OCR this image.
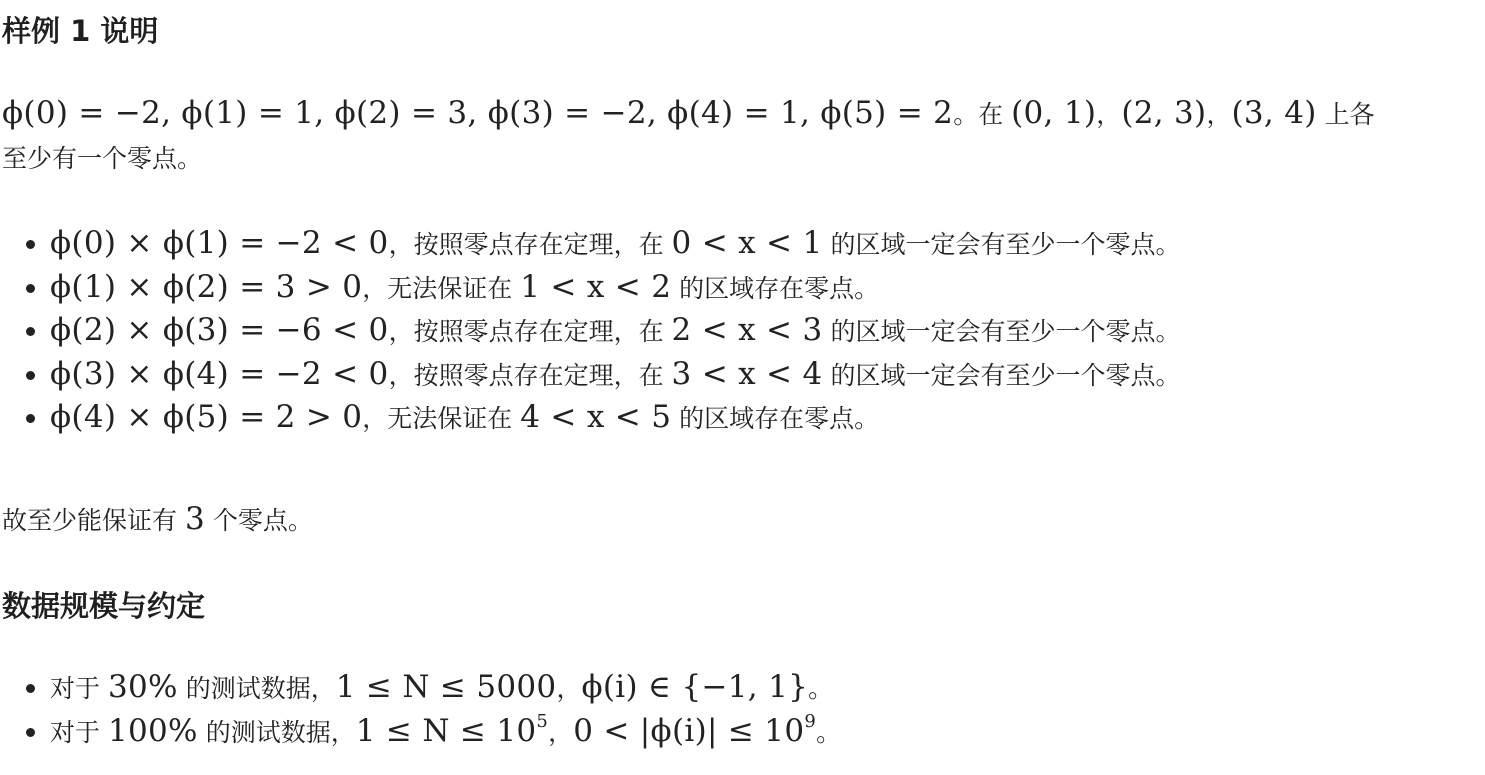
样例 1 说明

ϕ(0) = −2, ϕ(1) = 1, ϕ(2) = 3, ϕ(3) = −2, ϕ(4) = 1, ϕ(5) = 2。在 (0, 1)，(2, 3)，(3, 4) 上各

至少有一个零点。

ϕ(0) × ϕ(1) = −2 < 0，按照零点存在定理，在 0 < x < 1 的区域一定会有至少一个零点。
ϕ(1) × ϕ(2) = 3 > 0，无法保证在 1 < x < 2 的区域存在零点。
ϕ(2) × ϕ(3) = −6 < 0，按照零点存在定理，在 2 < x < 3 的区域一定会有至少一个零点。
ϕ(3) × ϕ(4) = −2 < 0，按照零点存在定理，在 3 < x < 4 的区域一定会有至少一个零点。
ϕ(4) × ϕ(5) = 2 > 0，无法保证在 4 < x < 5 的区域存在零点。

故至少能保证有 3 个零点。

数据规模与约定
对于 30% 的测试数据，1 ≤ N ≤ 5000，ϕ(i) ∈ {−1, 1}。
对于 100% 的测试数据，$1 \le N \le 10^5$，$0 < |\phi(i)| \le 10^9$。
